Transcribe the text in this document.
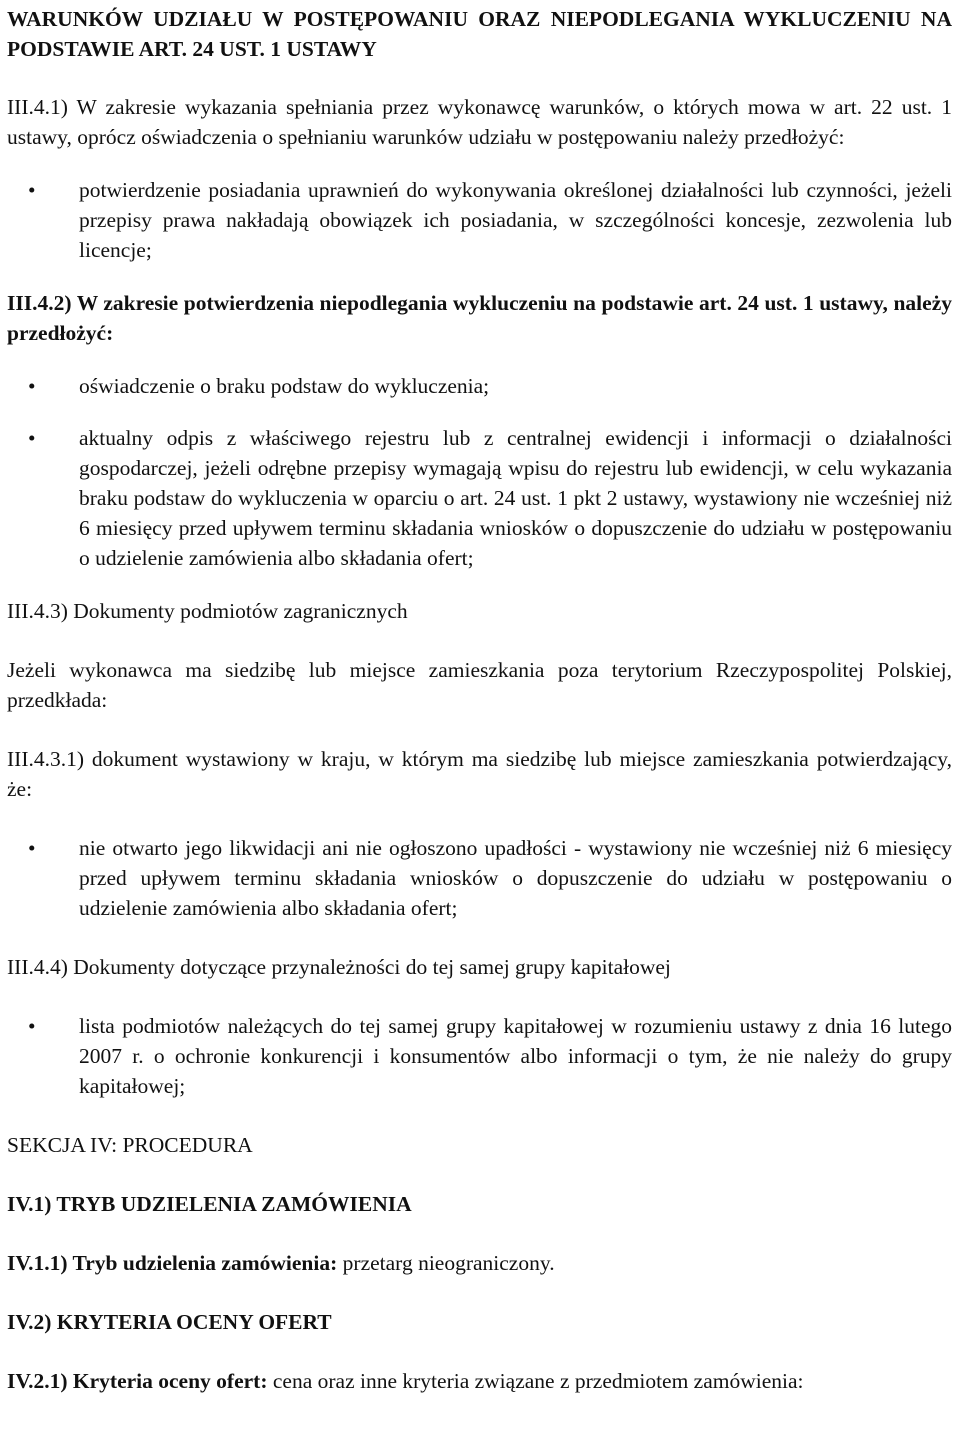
WARUNKÓW UDZIAŁU W POSTĘPOWANIU ORAZ NIEPODLEGANIA WYKLUCZENIU NA PODSTAWIE ART. 24 UST. 1 USTAWY

III.4.1) W zakresie wykazania spełniania przez wykonawcę warunków, o których mowa w art. 22 ust. 1 ustawy, oprócz oświadczenia o spełnianiu warunków udziału w postępowaniu należy przedłożyć:

• potwierdzenie posiadania uprawnień do wykonywania określonej działalności lub czynności, jeżeli przepisy prawa nakładają obowiązek ich posiadania, w szczególności koncesje, zezwolenia lub licencje;

III.4.2) W zakresie potwierdzenia niepodlegania wykluczeniu na podstawie art. 24 ust. 1 ustawy, należy przedłożyć:

• oświadczenie o braku podstaw do wykluczenia;
• aktualny odpis z właściwego rejestru lub z centralnej ewidencji i informacji o działalności gospodarczej, jeżeli odrębne przepisy wymagają wpisu do rejestru lub ewidencji, w celu wykazania braku podstaw do wykluczenia w oparciu o art. 24 ust. 1 pkt 2 ustawy, wystawiony nie wcześniej niż 6 miesięcy przed upływem terminu składania wniosków o dopuszczenie do udziału w postępowaniu o udzielenie zamówienia albo składania ofert;

III.4.3) Dokumenty podmiotów zagranicznych

Jeżeli wykonawca ma siedzibę lub miejsce zamieszkania poza terytorium Rzeczypospolitej Polskiej, przedkłada:

III.4.3.1) dokument wystawiony w kraju, w którym ma siedzibę lub miejsce zamieszkania potwierdzający, że:

• nie otwarto jego likwidacji ani nie ogłoszono upadłości - wystawiony nie wcześniej niż 6 miesięcy przed upływem terminu składania wniosków o dopuszczenie do udziału w postępowaniu o udzielenie zamówienia albo składania ofert;

III.4.4) Dokumenty dotyczące przynależności do tej samej grupy kapitałowej

• lista podmiotów należących do tej samej grupy kapitałowej w rozumieniu ustawy z dnia 16 lutego 2007 r. o ochronie konkurencji i konsumentów albo informacji o tym, że nie należy do grupy kapitałowej;

SEKCJA IV: PROCEDURA

IV.1) TRYB UDZIELENIA ZAMÓWIENIA

IV.1.1) Tryb udzielenia zamówienia: przetarg nieograniczony.

IV.2) KRYTERIA OCENY OFERT

IV.2.1) Kryteria oceny ofert: cena oraz inne kryteria związane z przedmiotem zamówienia:
